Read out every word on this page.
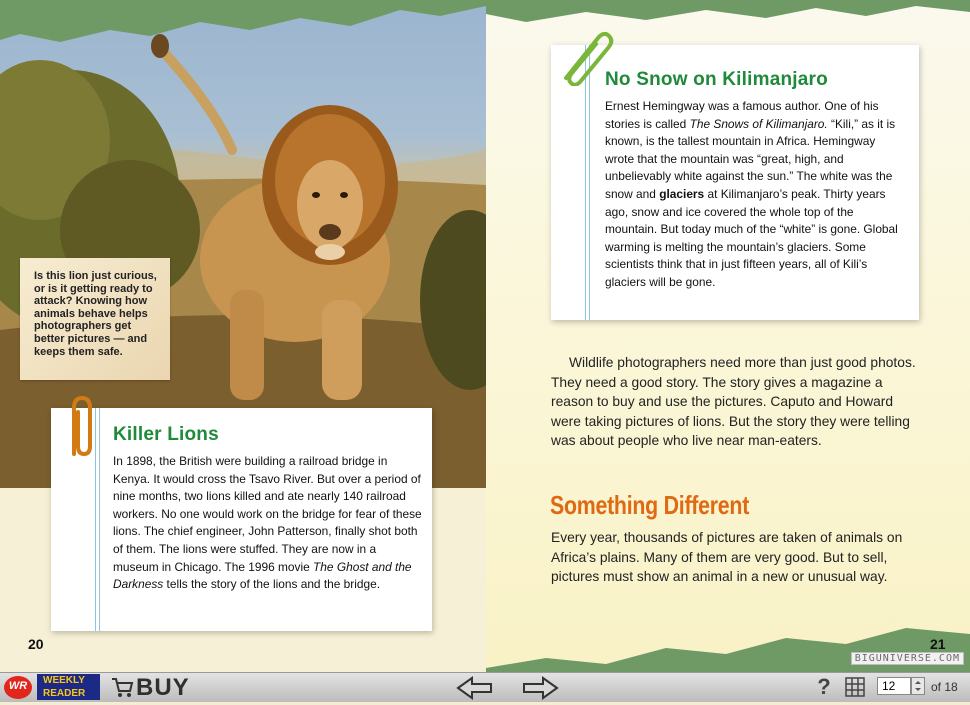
Is this lion just curious, or is it getting ready to attack? Knowing how animals behave helps photographers get better pictures — and keeps them safe.
Killer Lions

In 1898, the British were building a railroad bridge in Kenya. It would cross the Tsavo River. But over a period of nine months, two lions killed and ate nearly 140 railroad workers. No one would work on the bridge for fear of these lions. The chief engineer, John Patterson, finally shot both of them. The lions were stuffed. They are now in a museum in Chicago. The 1996 movie The Ghost and the Darkness tells the story of the lions and the bridge.

20

Wildlife photographers need more than just good photos. They need a good story. The story gives a magazine a reason to buy and use the pictures. Caputo and Howard were taking pictures of lions. But the story they were telling was about people who live near man-eaters.

Something Different

Every year, thousands of pictures are taken of animals on Africa’s plains. Many of them are very good. But to sell, pictures must show an animal in a new or unusual way.

21
No Snow on Kilimanjaro

Ernest Hemingway was a famous author. One of his stories is called The Snows of Kilimanjaro. “Kili,” as it is known, is the tallest mountain in Africa. Hemingway wrote that the mountain was “great, high, and unbelievably white against the sun.” The white was the snow and glaciers at Kilimanjaro’s peak. Thirty years ago, snow and ice covered the whole top of the mountain. But today much of the “white” is gone. Global warming is melting the mountain’s glaciers. Some scientists think that in just fifteen years, all of Kili’s glaciers will be gone.

BIGUNIVERSE.COM
WR	WEEKLY
READER	BUY	?
12	of 18
